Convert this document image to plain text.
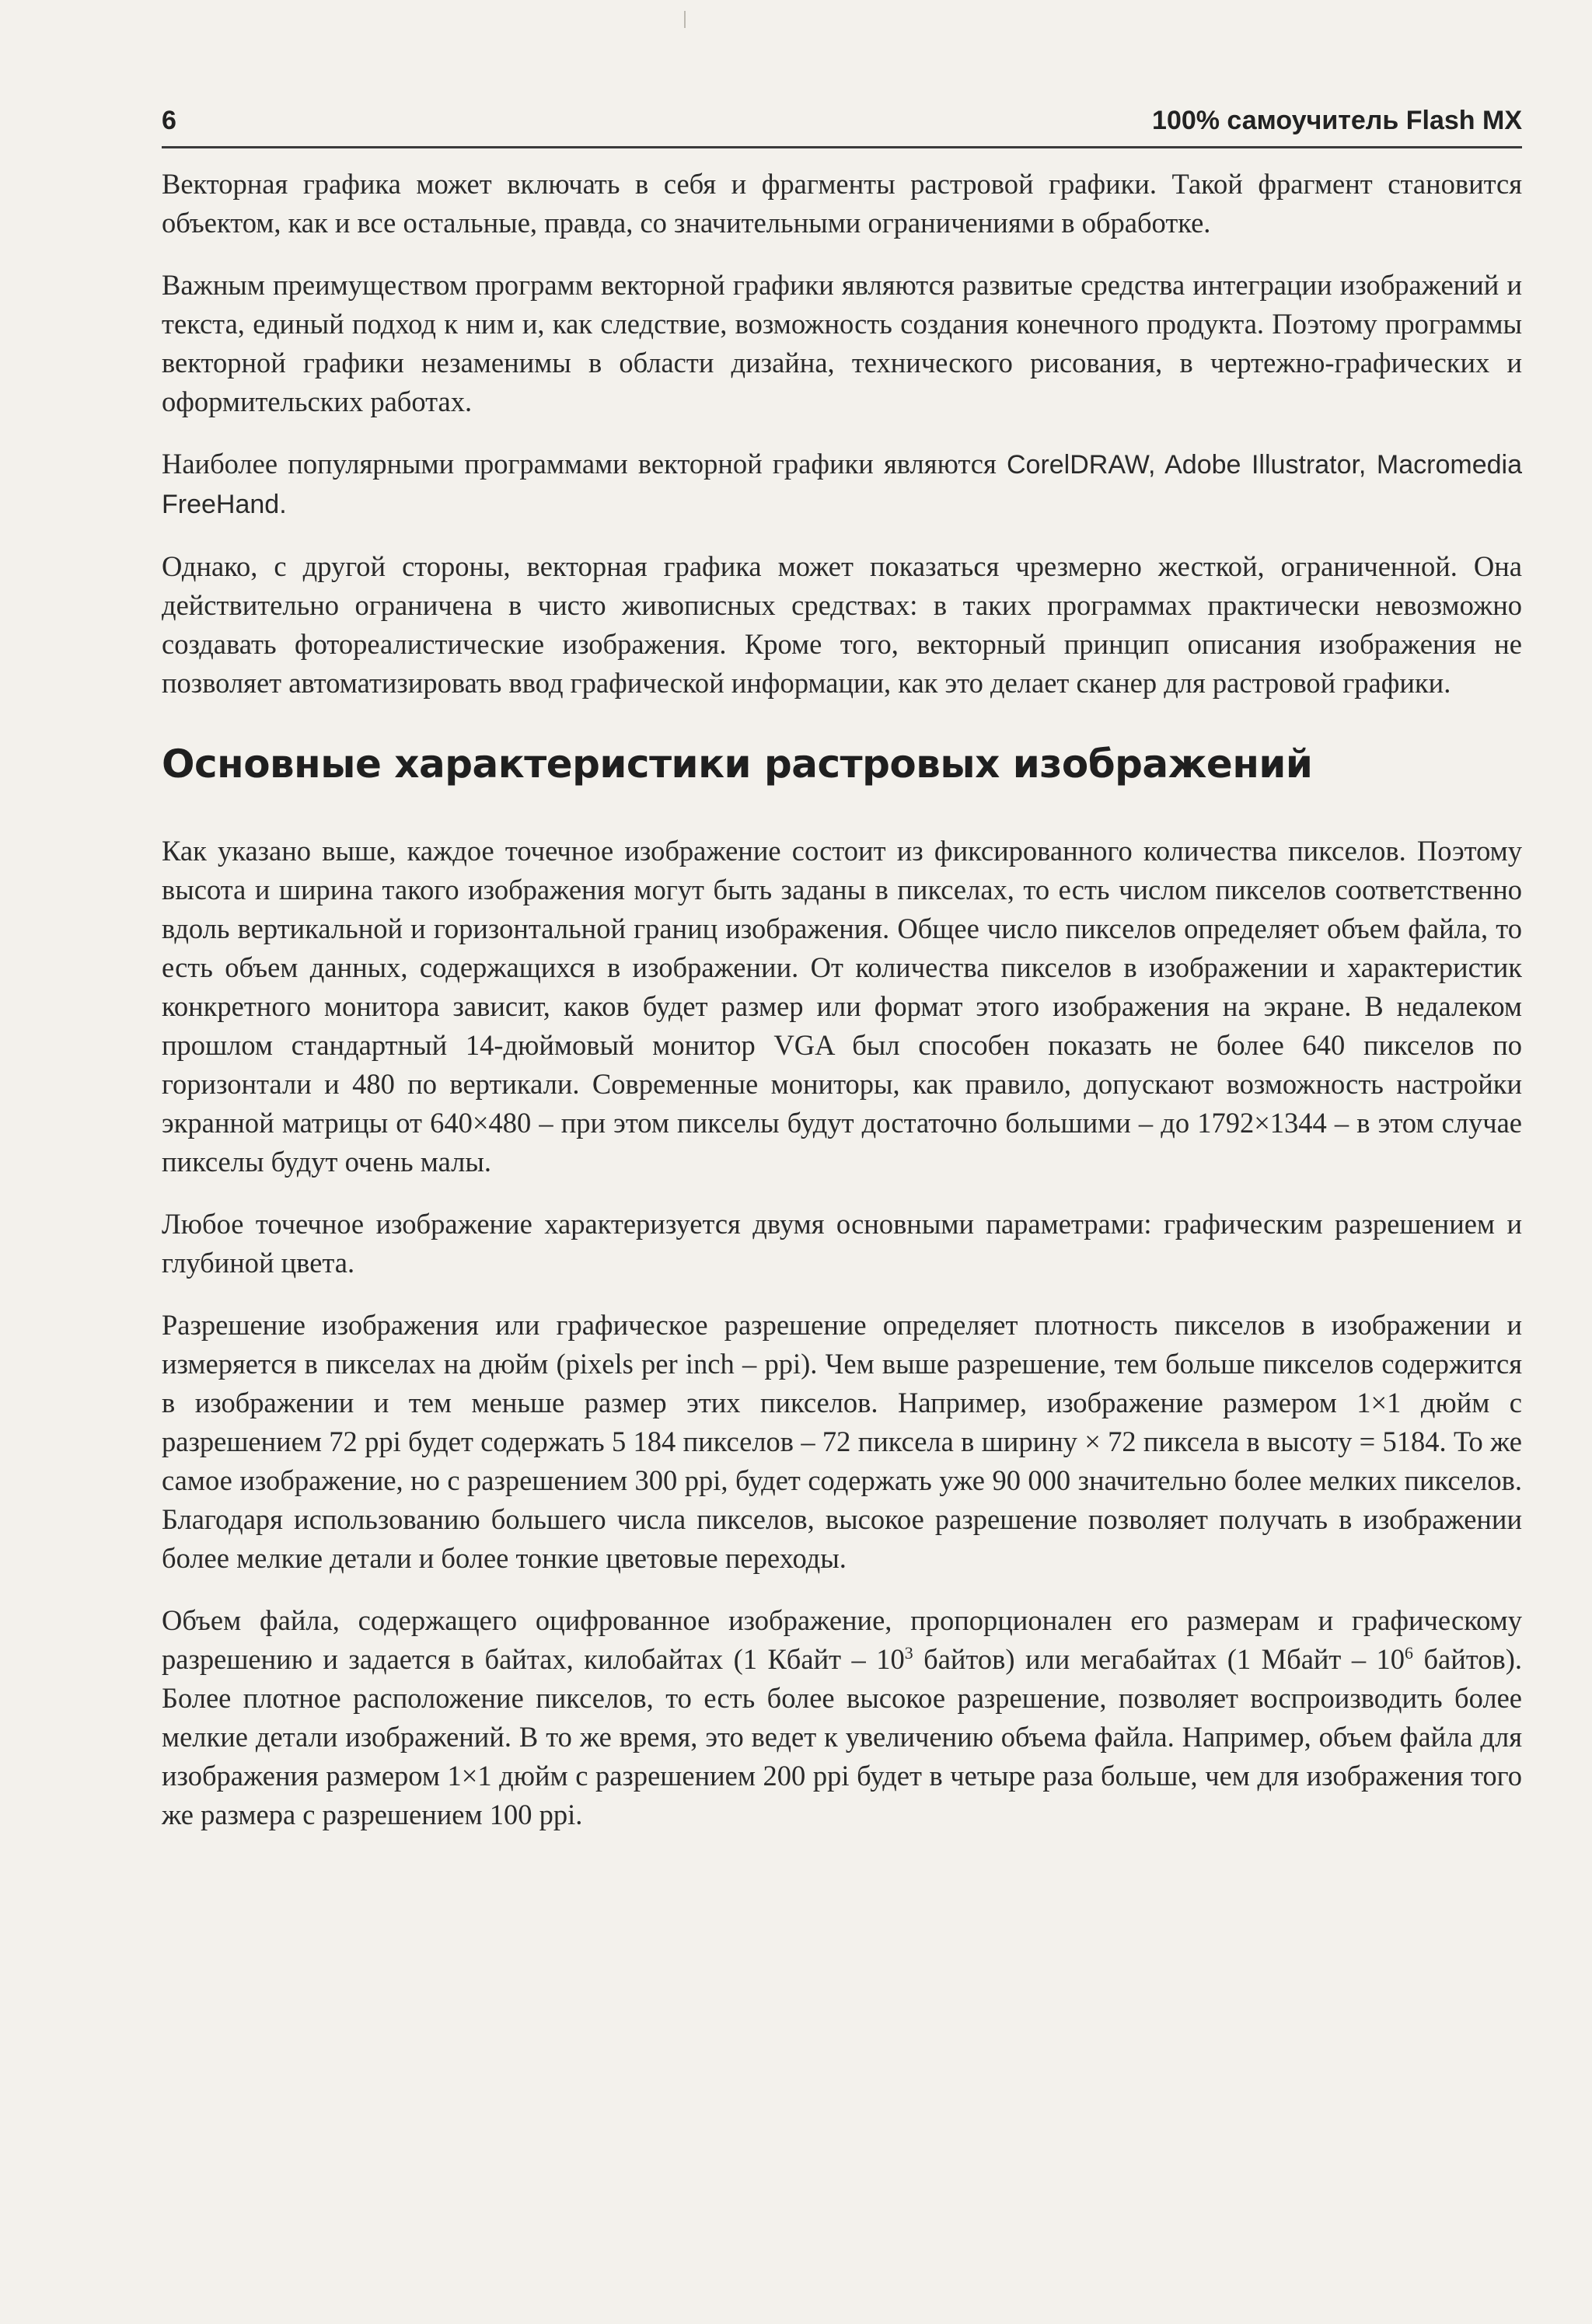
6	100% самоучитель Flash MX

Векторная графика может включать в себя и фрагменты растровой графики. Такой фрагмент становится объектом, как и все остальные, правда, со значительными ограничениями в обработке.

Важным преимуществом программ векторной графики являются развитые средства интеграции изображений и текста, единый подход к ним и, как следствие, возможность создания конечного продукта. Поэтому программы векторной графики незаменимы в области дизайна, технического рисования, в чертежно-графических и оформительских работах.

Наиболее популярными программами векторной графики являются CorelDRAW, Adobe Illustrator, Macromedia FreeHand.

Однако, с другой стороны, векторная графика может показаться чрезмерно жесткой, ограниченной. Она действительно ограничена в чисто живописных средствах: в таких программах практически невозможно создавать фотореалистические изображения. Кроме того, векторный принцип описания изображения не позволяет автоматизировать ввод графической информации, как это делает сканер для растровой графики.

Основные характеристики растровых изображений

Как указано выше, каждое точечное изображение состоит из фиксированного количества пикселов. Поэтому высота и ширина такого изображения могут быть заданы в пикселах, то есть числом пикселов соответственно вдоль вертикальной и горизонтальной границ изображения. Общее число пикселов определяет объем файла, то есть объем данных, содержащихся в изображении. От количества пикселов в изображении и характеристик конкретного монитора зависит, каков будет размер или формат этого изображения на экране. В недалеком прошлом стандартный 14-дюймовый монитор VGA был способен показать не более 640 пикселов по горизонтали и 480 по вертикали. Современные мониторы, как правило, допускают возможность настройки экранной матрицы от 640×480 – при этом пикселы будут достаточно большими – до 1792×1344 – в этом случае пикселы будут очень малы.

Любое точечное изображение характеризуется двумя основными параметрами: графическим разрешением и глубиной цвета.

Разрешение изображения или графическое разрешение определяет плотность пикселов в изображении и измеряется в пикселах на дюйм (pixels per inch – ppi). Чем выше разрешение, тем больше пикселов содержится в изображении и тем меньше размер этих пикселов. Например, изображение размером 1×1 дюйм с разрешением 72 ppi будет содержать 5 184 пикселов – 72 пиксела в ширину × 72 пиксела в высоту = 5184. То же самое изображение, но с разрешением 300 ppi, будет содержать уже 90 000 значительно более мелких пикселов. Благодаря использованию большего числа пикселов, высокое разрешение позволяет получать в изображении более мелкие детали и более тонкие цветовые переходы.

Объем файла, содержащего оцифрованное изображение, пропорционален его размерам и графическому разрешению и задается в байтах, килобайтах (1 Кбайт – $10^3$ байтов) или мегабайтах (1 Мбайт – $10^6$ байтов). Более плотное расположение пикселов, то есть более высокое разрешение, позволяет воспроизводить более мелкие детали изображений. В то же время, это ведет к увеличению объема файла. Например, объем файла для изображения размером 1×1 дюйм с разрешением 200 ppi будет в четыре раза больше, чем для изображения того же размера с разрешением 100 ppi.
